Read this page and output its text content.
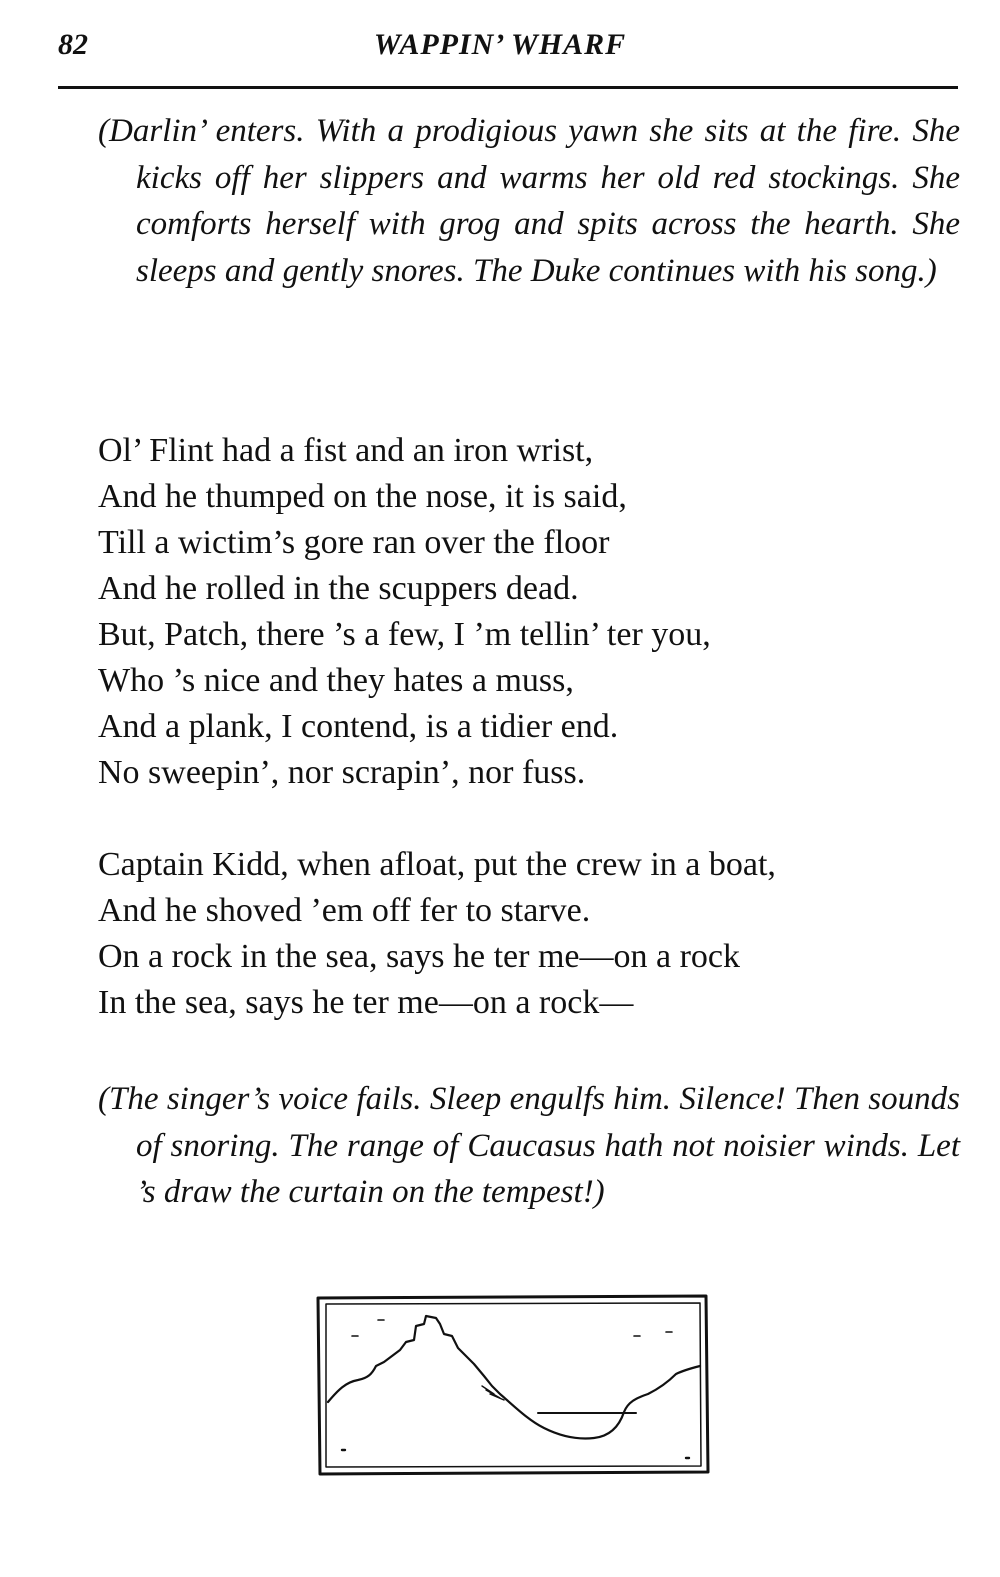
82	WAPPIN’ WHARF
(Darlin’ enters. With a prodigious yawn she sits at the fire. She kicks off her slippers and warms her old red stockings. She comforts herself with grog and spits across the hearth. She sleeps and gently snores. The Duke continues with his song.)
Ol’ Flint had a fist and an iron wrist,
And he thumped on the nose, it is said,
Till a wictim’s gore ran over the floor
And he rolled in the scuppers dead.
But, Patch, there ’s a few, I ’m tellin’ ter you,
Who ’s nice and they hates a muss,
And a plank, I contend, is a tidier end.
No sweepin’, nor scrapin’, nor fuss.
Captain Kidd, when afloat, put the crew in a boat,
And he shoved ’em off fer to starve.
On a rock in the sea, says he ter me—on a rock
In the sea, says he ter me—on a rock—
(The singer’s voice fails. Sleep engulfs him. Silence! Then sounds of snoring. The range of Caucasus hath not noisier winds. Let ’s draw the curtain on the tempest!)
